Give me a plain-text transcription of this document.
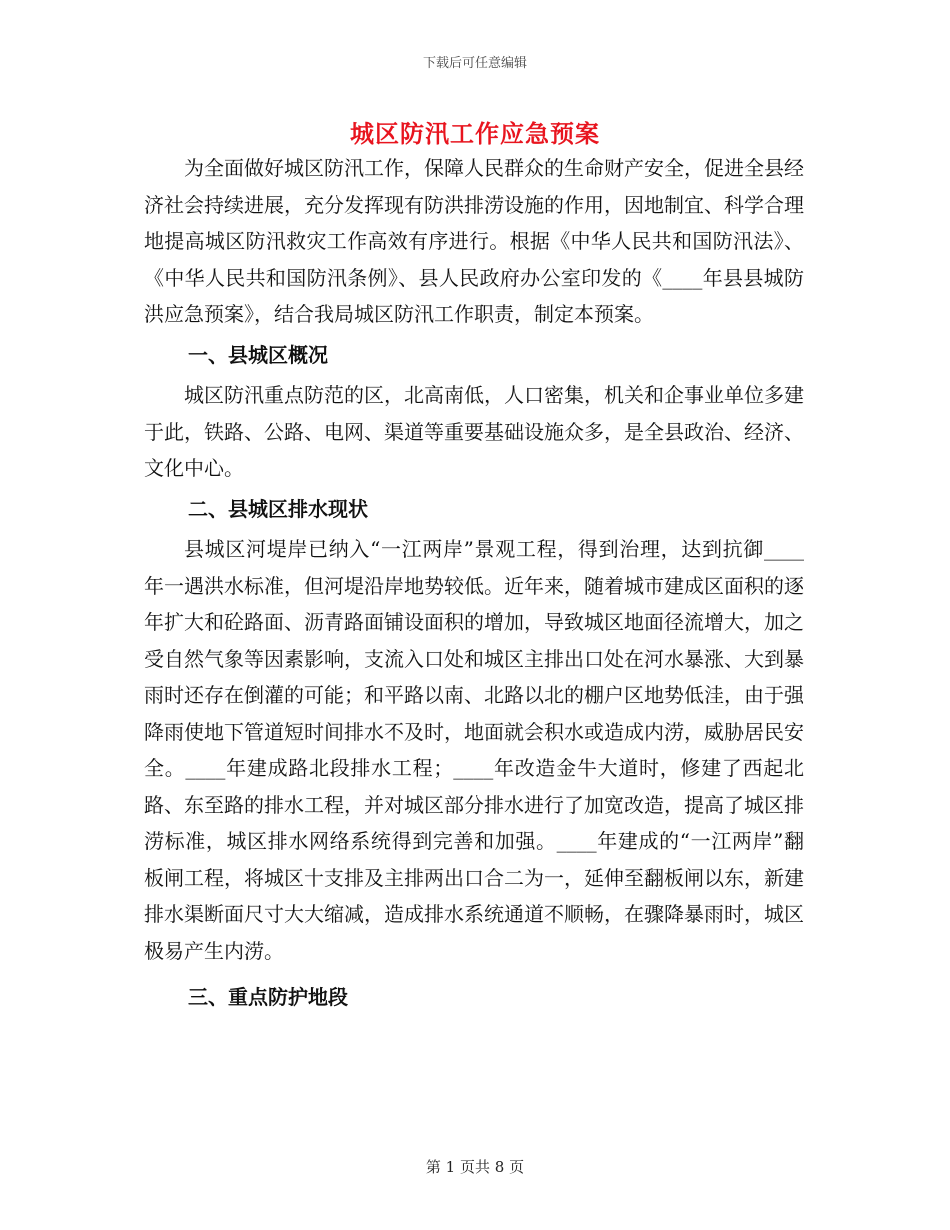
下载后可任意编辑
城区防汛工作应急预案

为全面做好城区防汛工作，保障人民群众的生命财产安全，促进全县经济社会持续进展，充分发挥现有防洪排涝设施的作用，因地制宜、科学合理地提高城区防汛救灾工作高效有序进行。根据《中华人民共和国防汛法》、《中华人民共和国防汛条例》、县人民政府办公室印发的《____年县县城防洪应急预案》，结合我局城区防汛工作职责，制定本预案。

一、县城区概况

城区防汛重点防范的区，北高南低，人口密集，机关和企事业单位多建于此，铁路、公路、电网、渠道等重要基础设施众多，是全县政治、经济、文化中心。

二、县城区排水现状

县城区河堤岸已纳入“一江两岸”景观工程，得到治理，达到抗御____年一遇洪水标准，但河堤沿岸地势较低。近年来，随着城市建成区面积的逐年扩大和砼路面、沥青路面铺设面积的增加，导致城区地面径流增大，加之受自然气象等因素影响，支流入口处和城区主排出口处在河水暴涨、大到暴雨时还存在倒灌的可能；和平路以南、北路以北的棚户区地势低洼，由于强降雨使地下管道短时间排水不及时，地面就会积水或造成内涝，威胁居民安全。____年建成路北段排水工程；____年改造金牛大道时，修建了西起北路、东至路的排水工程，并对城区部分排水进行了加宽改造，提高了城区排涝标准，城区排水网络系统得到完善和加强。____年建成的“一江两岸”翻板闸工程，将城区十支排及主排两出口合二为一，延伸至翻板闸以东，新建排水渠断面尺寸大大缩减，造成排水系统通道不顺畅，在骤降暴雨时，城区极易产生内涝。

三、重点防护地段

第 1 页共 8 页
